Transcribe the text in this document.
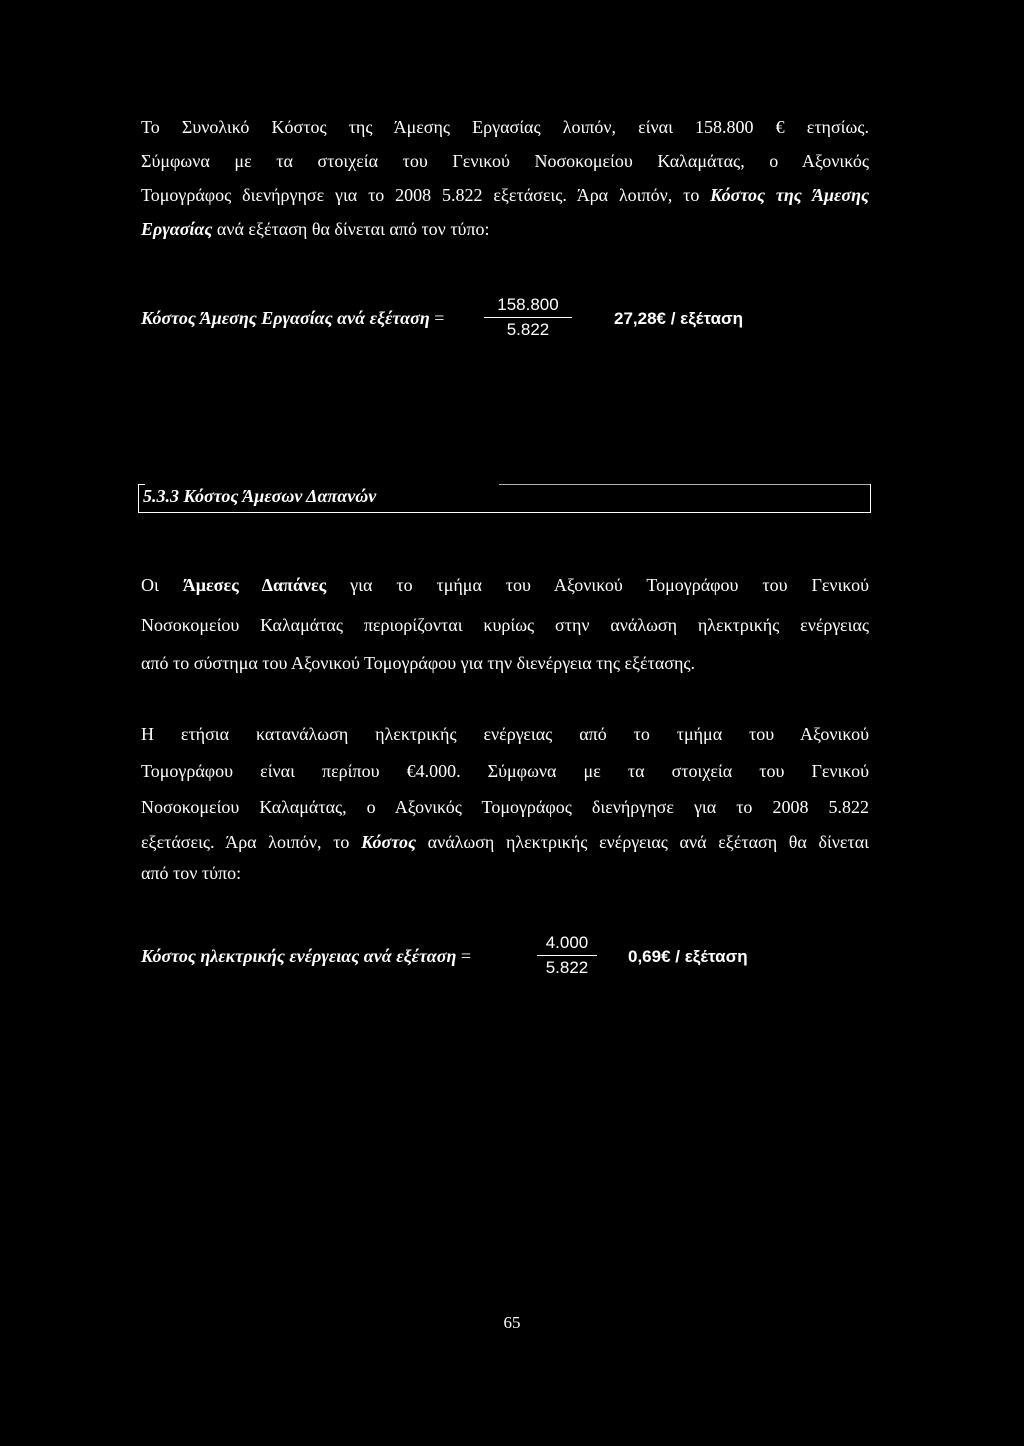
Το Συνολικό Κόστος της Άμεσης Εργασίας λοιπόν, είναι 158.800 € ετησίως.
Σύμφωνα με τα στοιχεία του Γενικού Νοσοκομείου Καλαμάτας, ο Αξονικός
Τομογράφος διενήργησε για το 2008 5.822 εξετάσεις. Άρα λοιπόν, το Κόστος της Άμεσης
Εργασίας ανά εξέταση θα δίνεται από τον τύπο:
Κόστος Άμεσης Εργασίας ανά εξέταση =
158.800
5.822
27,28€ / εξέταση
5.3.3 Κόστος Άμεσων Δαπανών
Οι Άμεσες Δαπάνες για το τμήμα του Αξονικού Τομογράφου του Γενικού
Νοσοκομείου Καλαμάτας περιορίζονται κυρίως στην ανάλωση ηλεκτρικής ενέργειας
από το σύστημα του Αξονικού Τομογράφου για την διενέργεια της εξέτασης.
Η ετήσια κατανάλωση ηλεκτρικής ενέργειας από το τμήμα του Αξονικού
Τομογράφου είναι περίπου €4.000. Σύμφωνα με τα στοιχεία του Γενικού
Νοσοκομείου Καλαμάτας, ο Αξονικός Τομογράφος διενήργησε για το 2008 5.822
εξετάσεις. Άρα λοιπόν, το Κόστος ανάλωση ηλεκτρικής ενέργειας ανά εξέταση θα δίνεται
από τον τύπο:
Κόστος ηλεκτρικής ενέργειας ανά εξέταση =
4.000
5.822
0,69€ / εξέταση
65
